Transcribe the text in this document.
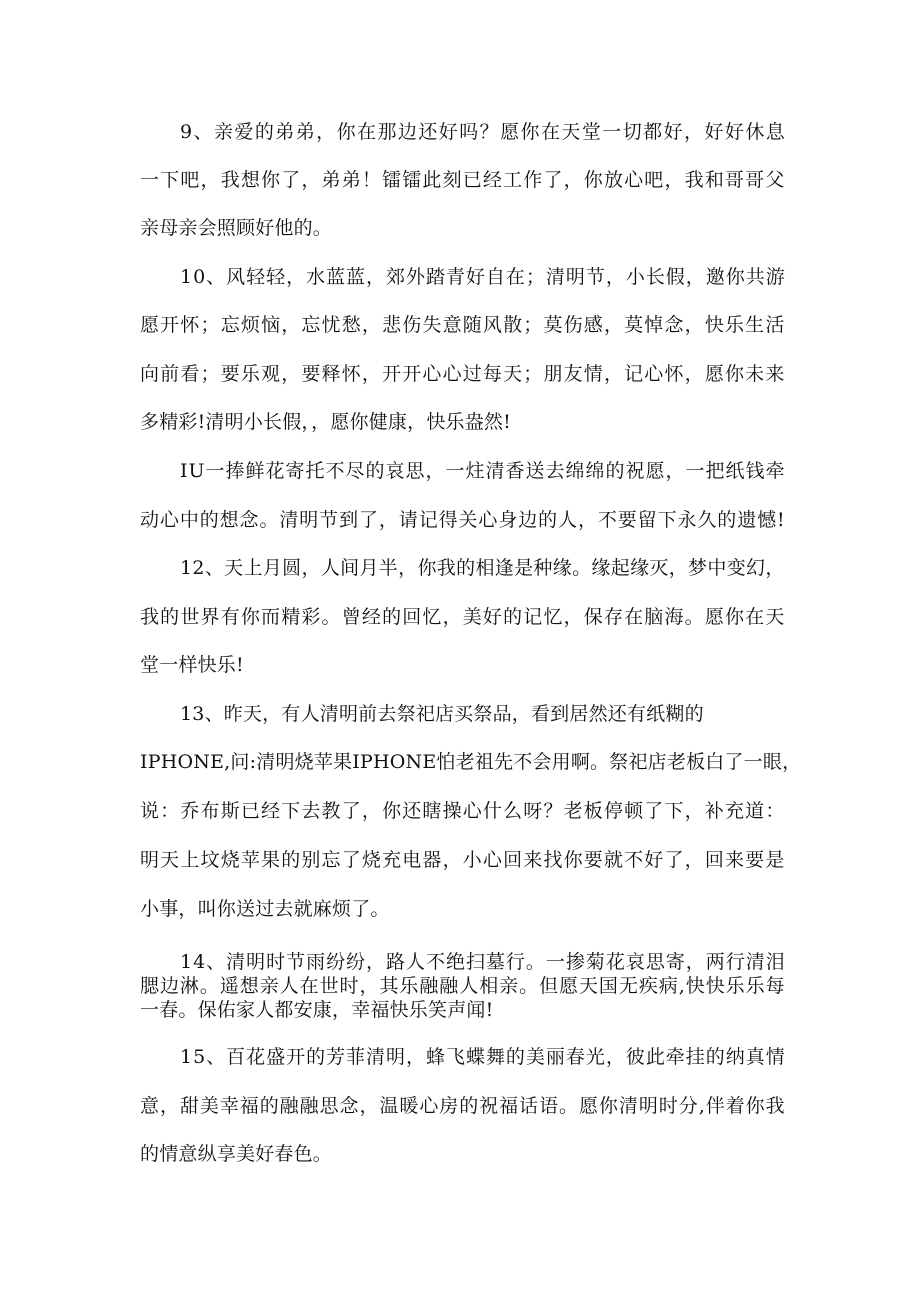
9 、 亲 爱 的 弟 弟 ， 你 在 那 边 还 好 吗 ？ 愿 你 在 天 堂 一 切 都 好 ， 好 好 休 息
一 下 吧 ， 我 想 你 了 ， 弟 弟 ！ 镭 镭 此 刻 已 经 工 作 了 ， 你 放 心 吧 ， 我 和 哥 哥 父
亲母亲会照顾好他的。
1 0 、 风 轻 轻 ， 水 蓝 蓝 ， 郊 外 踏 青 好 自 在 ； 清 明 节 ， 小 长 假 ， 邀 你 共 游
愿 开 怀 ； 忘 烦 恼 ， 忘 忧 愁 ， 悲 伤 失 意 随 风 散 ； 莫 伤 感 ， 莫 悼 念 ， 快 乐 生 活
向 前 看 ； 要 乐 观 ， 要 释 怀 ， 开 开 心 心 过 每 天 ； 朋 友 情 ， 记 心 怀 ， 愿 你 未 来
多精彩!清明小长假，，愿你健康，快乐盎然!
I U 一 捧 鲜 花 寄 托 不 尽 的 哀 思 ， 一 炷 清 香 送 去 绵 绵 的 祝 愿 ， 一 把 纸 钱 牵
动 心 中 的 想 念 。 清 明 节 到 了 ， 请 记 得 关 心 身 边 的 人 ， 不 要 留 下 永 久 的 遗 憾 !
1 2 、 天 上 月 圆 ， 人 间 月 半 ， 你 我 的 相 逢 是 种 缘 。 缘 起 缘 灭 ， 梦 中 变 幻 ，
我 的 世 界 有 你 而 精 彩 。 曾 经 的 回 忆 ， 美 好 的 记 忆 ， 保 存 在 脑 海 。 愿 你 在 天
堂一样快乐!
13、昨天，有人清明前去祭祀店买祭品，看到居然还有纸糊的
I P H O N E , 问 : 清 明 烧 苹 果 I P H O N E 怕 老 祖 先 不 会 用 啊 。 祭 祀 店 老 板 白 了 一 眼 ，
说 ： 乔 布 斯 已 经 下 去 教 了 ， 你 还 瞎 操 心 什 么 呀 ？ 老 板 停 顿 了 下 ， 补 充 道 ：
明 天 上 坟 烧 苹 果 的 别 忘 了 烧 充 电 器 ， 小 心 回 来 找 你 要 就 不 好 了 ， 回 来 要 是
小事，叫你送过去就麻烦了。
1 4 、 清 明 时 节 雨 纷 纷 ， 路 人 不 绝 扫 墓 行 。 一 掺 菊 花 哀 思 寄 ， 两 行 清 泪
腮 边 淋 。 遥 想 亲 人 在 世 时 ， 其 乐 融 融 人 相 亲 。 但 愿 天 国 无 疾 病 , 快 快 乐 乐 每
一春。保佑家人都安康，幸福快乐笑声闻!
1 5 、 百 花 盛 开 的 芳 菲 清 明 ， 蜂 飞 蝶 舞 的 美 丽 春 光 ， 彼 此 牵 挂 的 纳 真 情
意 ， 甜 美 幸 福 的 融 融 思 念 ， 温 暖 心 房 的 祝 福 话 语 。 愿 你 清 明 时 分 , 伴 着 你 我
的情意纵享美好春色。
